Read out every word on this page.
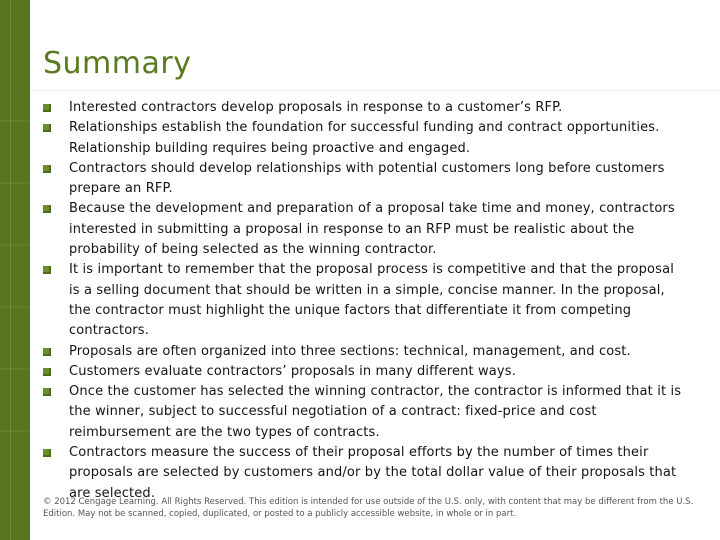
Summary
Interested contractors develop proposals in response to a customer’s RFP.
Relationships establish the foundation for successful funding and contract opportunities. Relationship building requires being proactive and engaged.
Contractors should develop relationships with potential customers long before customers prepare an RFP.
Because the development and preparation of a proposal take time and money, contractors interested in submitting a proposal in response to an RFP must be realistic about the probability of being selected as the winning contractor.
It is important to remember that the proposal process is competitive and that the proposal is a selling document that should be written in a simple, concise manner. In the proposal, the contractor must highlight the unique factors that differentiate it from competing contractors.
Proposals are often organized into three sections: technical, management, and cost.
Customers evaluate contractors’ proposals in many different ways.
Once the customer has selected the winning contractor, the contractor is informed that it is the winner, subject to successful negotiation of a contract: fixed-price and cost reimbursement are the two types of contracts.
Contractors measure the success of their proposal efforts by the number of times their proposals are selected by customers and/or by the total dollar value of their proposals that are selected.

© 2012 Cengage Learning. All Rights Reserved. This edition is intended for use outside of the U.S. only, with content that may be different from the U.S. Edition. May not be scanned, copied, duplicated, or posted to a publicly accessible website, in whole or in part.
